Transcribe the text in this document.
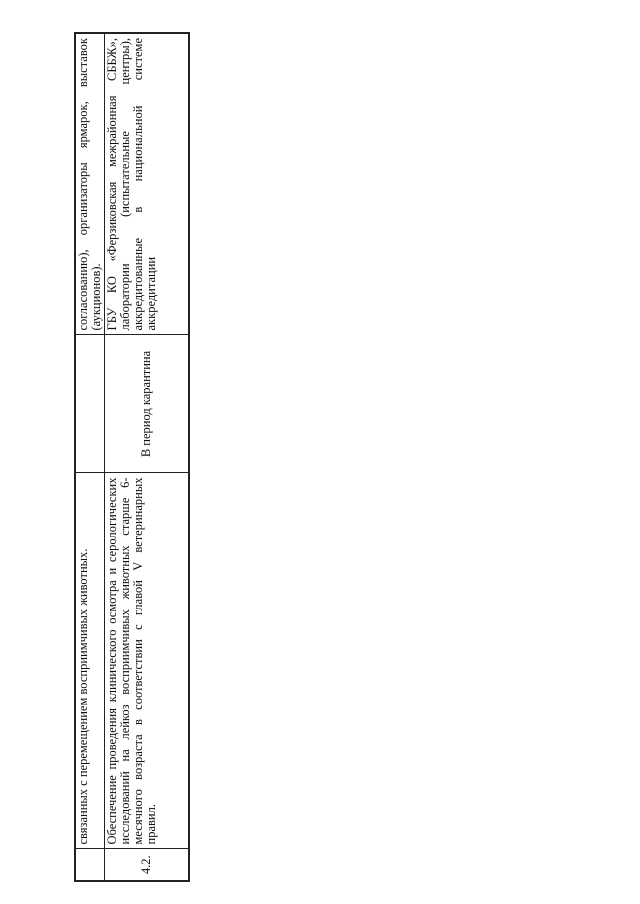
	связанных с перемещением восприимчивых животных.		согласованию), организаторы ярмарок, выставок (аукционов).
4.2.	Обеспечение проведения клинического осмотра и серологических исследований на лейкоз восприимчивых животных старше 6-месячного возраста в соответствии с главой V ветеринарных правил.	В период карантина	ГБУ КО «Ферзиковская межрайонная СББЖ», лаборатории (испытательные центры), аккредитованные в национальной системе аккредитации
